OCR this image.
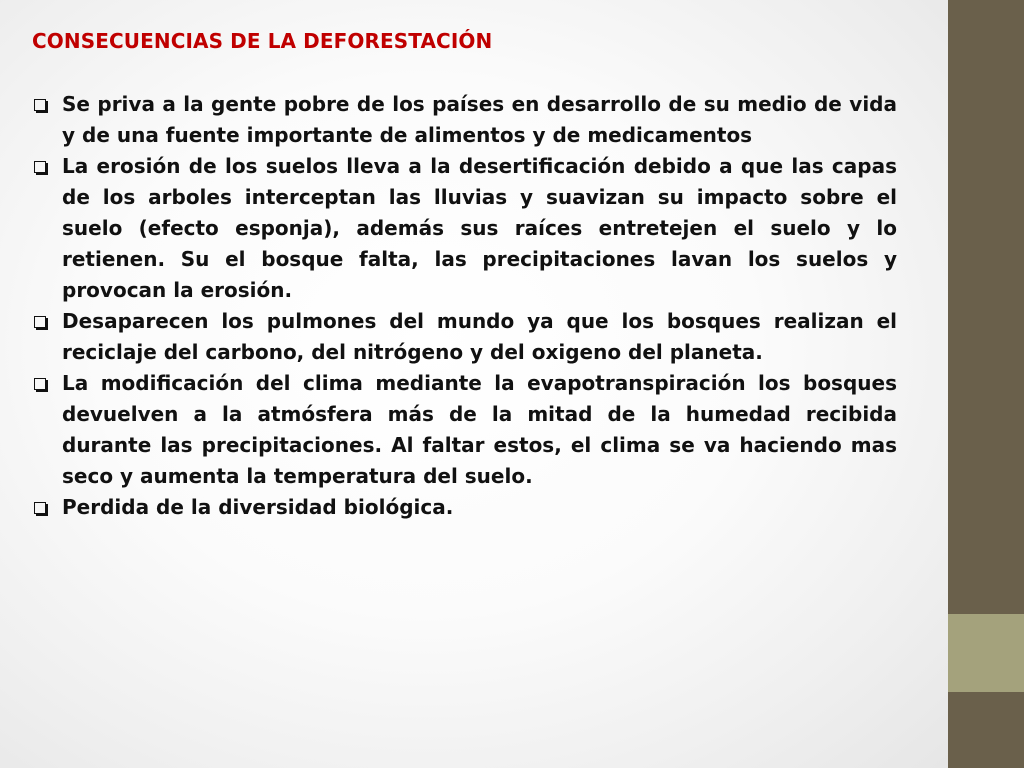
CONSECUENCIAS DE LA DEFORESTACIÓN
Se priva a la gente pobre de los países en desarrollo de su medio de vida y de una fuente importante de alimentos y de medicamentos
La erosión de los suelos lleva a la desertificación debido a que las capas de los arboles interceptan las lluvias y suavizan su impacto sobre el suelo (efecto esponja), además sus raíces entretejen el suelo y lo retienen. Su el bosque falta, las precipitaciones lavan los suelos y provocan la erosión.
Desaparecen los pulmones del mundo ya que los bosques realizan el reciclaje del carbono, del nitrógeno y del oxigeno del planeta.
La modificación del clima mediante la evapotranspiración los bosques devuelven a la atmósfera más de la mitad de la humedad recibida durante las precipitaciones. Al faltar estos, el clima se va haciendo mas seco y aumenta la temperatura del suelo.
Perdida de la diversidad biológica.
